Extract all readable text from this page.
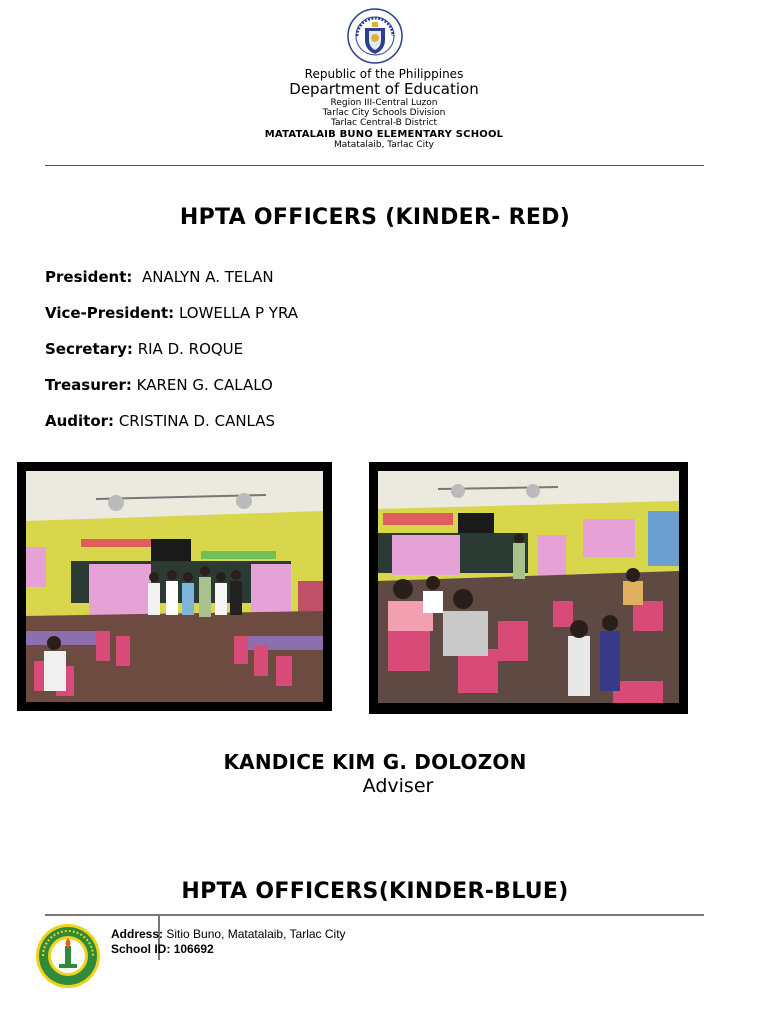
Republic of the Philippines

Department of Education

Region III-Central Luzon

Tarlac City Schools Division

Tarlac Central-B District

MATATALAIB BUNO ELEMENTARY SCHOOL

Matatalaib, Tarlac City

HPTA OFFICERS (KINDER- RED)
President: ANALYN A. TELAN
Vice-President: LOWELLA P YRA
Secretary: RIA D. ROQUE
Treasurer: KAREN G. CALALO
Auditor: CRISTINA D. CANLAS
KANDICE KIM G. DOLOZON
Adviser
HPTA OFFICERS(KINDER-BLUE)
Address: Sitio Buno, Matatalaib, Tarlac City
School ID: 106692
